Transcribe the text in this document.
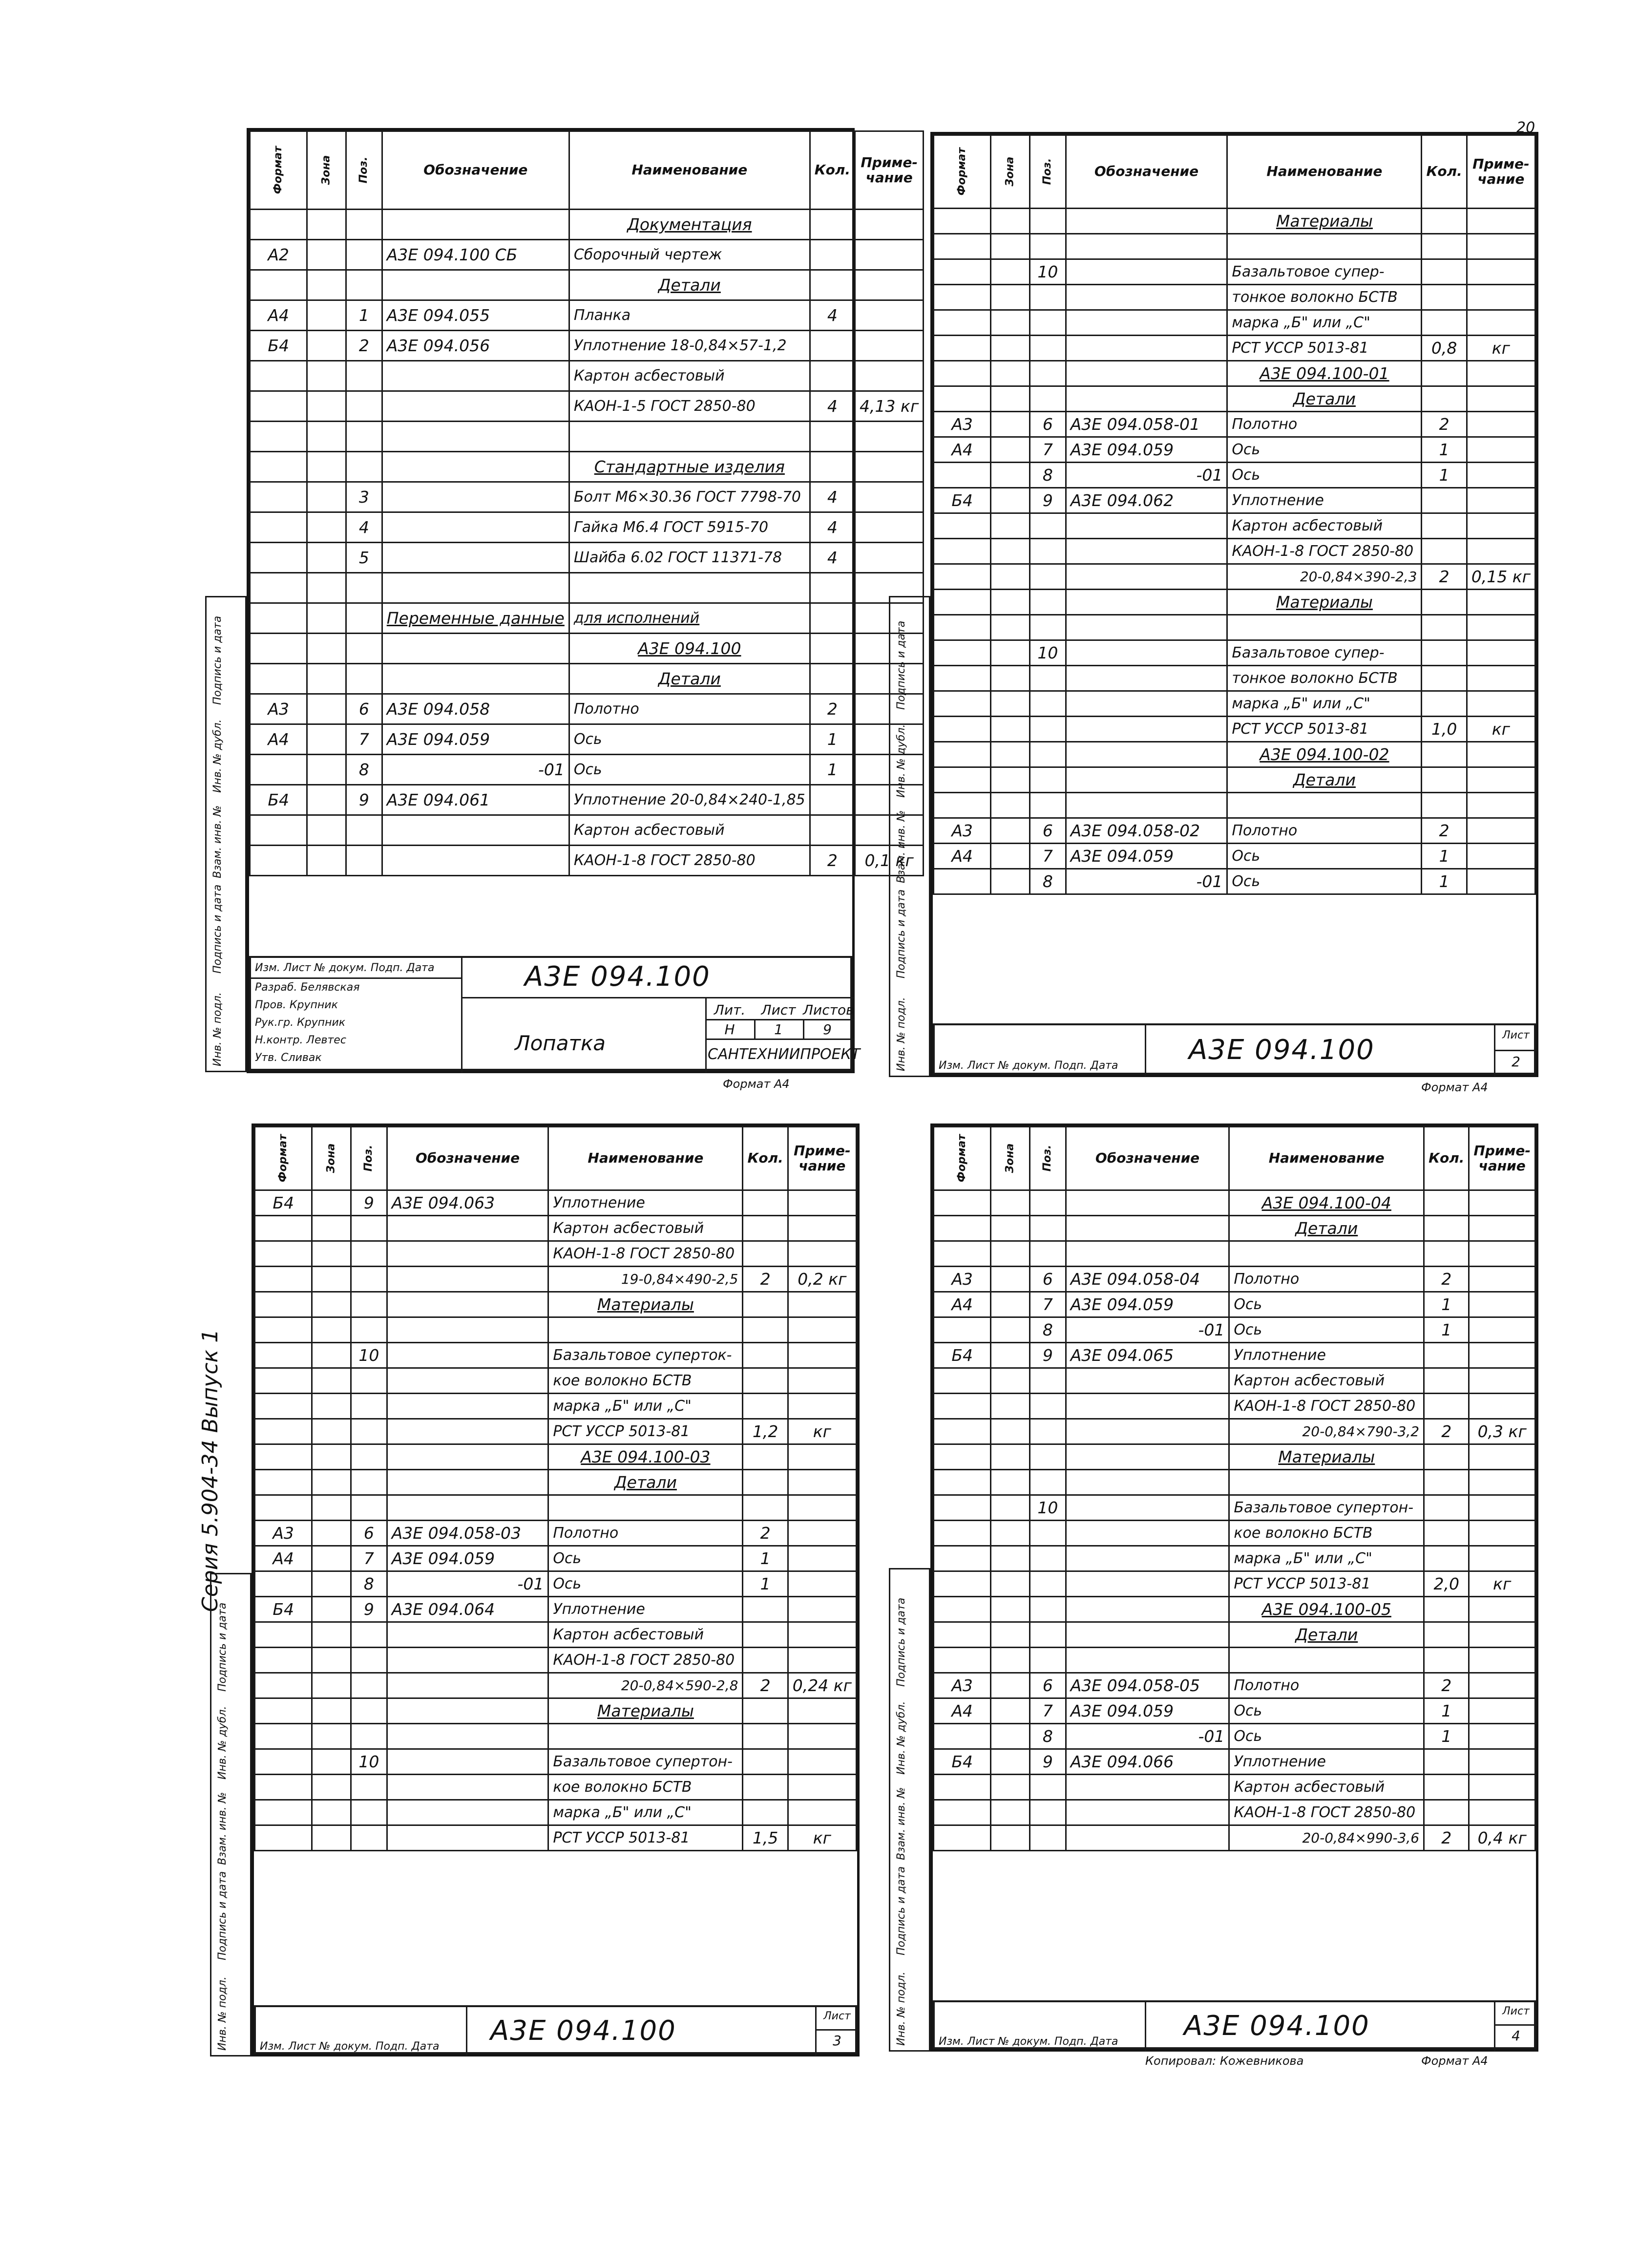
Формат	Зона	Поз.	Обозначение	Наименование	Кол.	Приме-чание
				Документация		
А2			А3Е 094.100 СБ	Сборочный чертеж		
				Детали		
А4		1	А3Е 094.055	Планка	4	
Б4		2	А3Е 094.056	Уплотнение 18-0,84×57-1,2		
				Картон асбестовый		
				КАОН-1-5 ГОСТ 2850-80	4	4,13 кг

				Стандартные изделия		
		3		Болт М6×30.36 ГОСТ 7798-70	4	
		4		Гайка М6.4 ГОСТ 5915-70	4	
		5		Шайба 6.02 ГОСТ 11371-78	4	

			Переменные данные	для исполнений		
				А3Е 094.100		
				Детали		
А3		6	А3Е 094.058	Полотно	2	
А4		7	А3Е 094.059	Ось	1	
		8	-01	Ось	1	
Б4		9	А3Е 094.061	Уплотнение 20-0,84×240-1,85		
				Картон асбестовый		
				КАОН-1-8 ГОСТ 2850-80	2	0,1 кг
Изм. Лист № докум. Подп. Дата
Разраб. Белявская
Пров. Крупник
Рук.гр. Крупник
Н.контр. Левтес
Утв. Сливак
А3Е 094.100
Лопатка
Лит.	Лист Листов
Н	1	9
САНТЕХНИИПРОЕКТ
Формат А4
Формат	Зона	Поз.	Обозначение	Наименование	Кол.	Приме-чание
				Материалы		

		10		Базальтовое супер-		
				тонкое волокно БСТВ		
				марка „Б" или „С"		
				РСТ УССР 5013-81	0,8	кг
				А3Е 094.100-01		
				Детали		
А3		6	А3Е 094.058-01	Полотно	2	
А4		7	А3Е 094.059	Ось	1	
		8	-01	Ось	1	
Б4		9	А3Е 094.062	Уплотнение		
				Картон асбестовый		
				КАОН-1-8 ГОСТ 2850-80		
				20-0,84×390-2,3	2	0,15 кг
				Материалы		

		10		Базальтовое супер-		
				тонкое волокно БСТВ		
				марка „Б" или „С"		
				РСТ УССР 5013-81	1,0	кг
				А3Е 094.100-02		
				Детали		

А3		6	А3Е 094.058-02	Полотно	2	
А4		7	А3Е 094.059	Ось	1	
		8	-01	Ось	1	
Изм. Лист № докум. Подп. Дата	А3Е 094.100	Лист
2
Формат А4
20
Формат	Зона	Поз.	Обозначение	Наименование	Кол.	Приме-чание
Б4		9	А3Е 094.063	Уплотнение		
				Картон асбестовый		
				КАОН-1-8 ГОСТ 2850-80		
				19-0,84×490-2,5	2	0,2 кг
				Материалы		

		10		Базальтовое суперток-		
				кое волокно БСТВ		
				марка „Б" или „С"		
				РСТ УССР 5013-81	1,2	кг
				А3Е 094.100-03		
				Детали		

А3		6	А3Е 094.058-03	Полотно	2	
А4		7	А3Е 094.059	Ось	1	
		8	-01	Ось	1	
Б4		9	А3Е 094.064	Уплотнение		
				Картон асбестовый		
				КАОН-1-8 ГОСТ 2850-80		
				20-0,84×590-2,8	2	0,24 кг
				Материалы		

		10		Базальтовое супертон-		
				кое волокно БСТВ		
				марка „Б" или „С"		
				РСТ УССР 5013-81	1,5	кг
Изм. Лист № докум. Подп. Дата А3Е 094.100	Лист
3
Серия 5.904-34 Выпуск 1
Формат	Зона	Поз.	Обозначение	Наименование	Кол.	Приме-чание
				А3Е 094.100-04		
				Детали		

А3		6	А3Е 094.058-04	Полотно	2	
А4		7	А3Е 094.059	Ось	1	
		8	-01	Ось	1	
Б4		9	А3Е 094.065	Уплотнение		
				Картон асбестовый		
				КАОН-1-8 ГОСТ 2850-80		
				20-0,84×790-3,2	2	0,3 кг
				Материалы		

		10		Базальтовое супертон-		
				кое волокно БСТВ		
				марка „Б" или „С"		
				РСТ УССР 5013-81	2,0	кг
				А3Е 094.100-05		
				Детали		

А3		6	А3Е 094.058-05	Полотно	2	
А4		7	А3Е 094.059	Ось	1	
		8	-01	Ось	1	
Б4		9	А3Е 094.066	Уплотнение		
				Картон асбестовый		
				КАОН-1-8 ГОСТ 2850-80		
				20-0,84×990-3,6	2	0,4 кг
Изм. Лист № докум. Подп. Дата А3Е 094.100	Лист
4
Копировал: Кожевникова	Формат А4
Инв. № подл.
Подпись и дата
Взам. инв. №
Инв. № дубл.
Подпись и дата
Инв. № подл.
Подпись и дата
Взам. инв. №
Инв. № дубл.
Подпись и дата
Инв. № подл.
Подпись и дата
Взам. инв. №
Инв. № дубл.
Подпись и дата
Инв. № подл.
Подпись и дата
Взам. инв. №
Инв. № дубл.
Подпись и дата
